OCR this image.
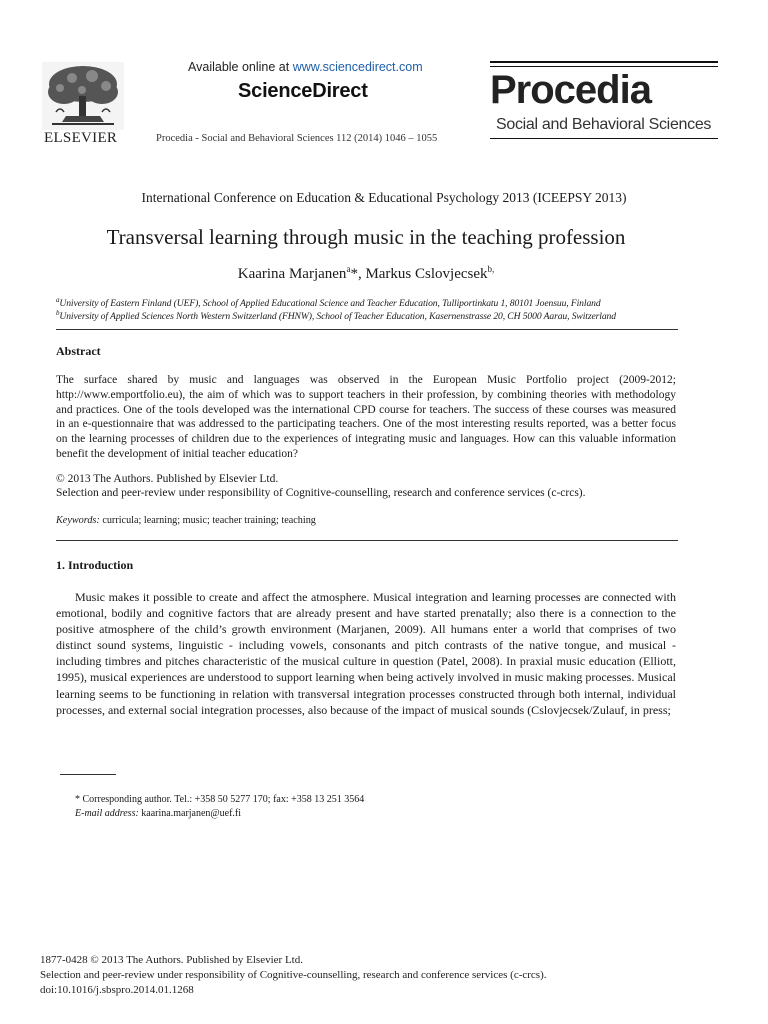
ELSEVIER
Available online at www.sciencedirect.com
ScienceDirect
Procedia - Social and Behavioral Sciences 112 (2014) 1046 – 1055
Procedia
Social and Behavioral Sciences
International Conference on Education & Educational Psychology 2013 (ICEEPSY 2013)
Transversal learning through music in the teaching profession
Kaarina Marjanen$^a$*, Markus Cslovjecsek$^{b,}$
$^a$University of Eastern Finland (UEF), School of Applied Educational Science and Teacher Education, Tulliportinkatu 1, 80101 Joensuu, Finland
$^b$University of Applied Sciences North Western Switzerland (FHNW), School of Teacher Education, Kasernenstrasse 20, CH 5000 Aarau, Switzerland
Abstract
The surface shared by music and languages was observed in the European Music Portfolio project (2009-2012; http://www.emportfolio.eu), the aim of which was to support teachers in their profession, by combining theories with methodology and practices. One of the tools developed was the international CPD course for teachers. The success of these courses was measured in an e-questionnaire that was addressed to the participating teachers. One of the most interesting results reported, was a better focus on the learning processes of children due to the experiences of integrating music and languages. How can this valuable information benefit the development of initial teacher education?
© 2013 The Authors. Published by Elsevier Ltd.
Selection and peer-review under responsibility of Cognitive-counselling, research and conference services (c-crcs).
Keywords: curricula; learning; music; teacher training; teaching
1. Introduction
Music makes it possible to create and affect the atmosphere. Musical integration and learning processes are connected with emotional, bodily and cognitive factors that are already present and have started prenatally; also there is a connection to the positive atmosphere of the child’s growth environment (Marjanen, 2009). All humans enter a world that comprises of two distinct sound systems, linguistic - including vowels, consonants and pitch contrasts of the native tongue, and musical - including timbres and pitches characteristic of the musical culture in question (Patel, 2008). In praxial music education (Elliott, 1995), musical experiences are understood to support learning when being actively involved in music making processes. Musical learning seems to be functioning in relation with transversal integration processes constructed through both internal, individual processes, and external social integration processes, also because of the impact of musical sounds (Cslovjecsek/Zulauf, in press;
* Corresponding author. Tel.: +358 50 5277 170; fax: +358 13 251 3564
E-mail address: kaarina.marjanen@uef.fi
1877-0428 © 2013 The Authors. Published by Elsevier Ltd.
Selection and peer-review under responsibility of Cognitive-counselling, research and conference services (c-crcs).
doi:10.1016/j.sbspro.2014.01.1268
